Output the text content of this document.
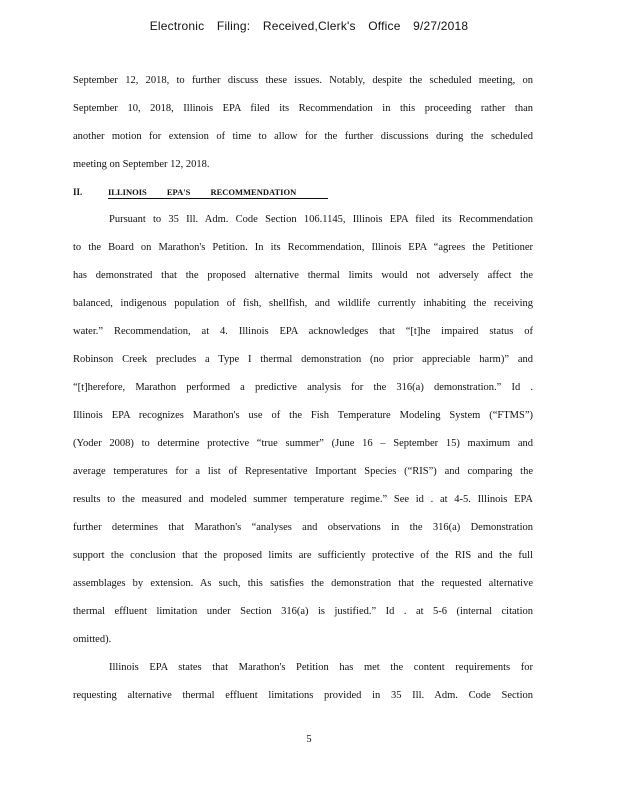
Electronic Filing: Received,Clerk's Office 9/27/2018
September 12, 2018, to further discuss these issues. Notably, despite the scheduled meeting, on
September 10, 2018, Illinois EPA filed its Recommendation in this proceeding rather than
another motion for extension of time to allow for the further discussions during the scheduled
meeting on September 12, 2018.
II.	ILLINOIS EPA'S RECOMMENDATION
Pursuant to 35 Ill. Adm. Code Section 106.1145, Illinois EPA filed its Recommendation
to the Board on Marathon's Petition. In its Recommendation, Illinois EPA “agrees the Petitioner
has demonstrated that the proposed alternative thermal limits would not adversely affect the
balanced, indigenous population of fish, shellfish, and wildlife currently inhabiting the receiving
water.” Recommendation, at 4. Illinois EPA acknowledges that “[t]he impaired status of
Robinson Creek precludes a Type I thermal demonstration (no prior appreciable harm)” and
“[t]herefore, Marathon performed a predictive analysis for the 316(a) demonstration.” Id .
Illinois EPA recognizes Marathon's use of the Fish Temperature Modeling System (“FTMS”)
(Yoder 2008) to determine protective “true summer” (June 16 – September 15) maximum and
average temperatures for a list of Representative Important Species (“RIS”) and comparing the
results to the measured and modeled summer temperature regime.” See id . at 4-5. Illinois EPA
further determines that Marathon's “analyses and observations in the 316(a) Demonstration
support the conclusion that the proposed limits are sufficiently protective of the RIS and the full
assemblages by extension. As such, this satisfies the demonstration that the requested alternative
thermal effluent limitation under Section 316(a) is justified.” Id . at 5-6 (internal citation
omitted).
Illinois EPA states that Marathon's Petition has met the content requirements for
requesting alternative thermal effluent limitations provided in 35 Ill. Adm. Code Section
5
